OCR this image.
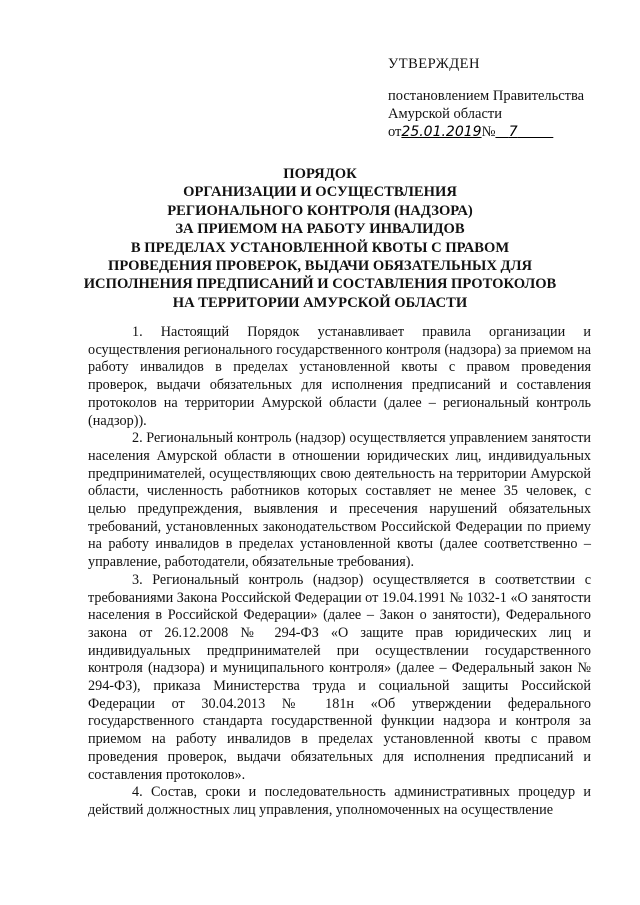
УТВЕРЖДЕН
постановлением Правительства
Амурской области
от25.01.2019№ 7
ПОРЯДОК
ОРГАНИЗАЦИИ И ОСУЩЕСТВЛЕНИЯ
РЕГИОНАЛЬНОГО КОНТРОЛЯ (НАДЗОРА)
ЗА ПРИЕМОМ НА РАБОТУ ИНВАЛИДОВ
В ПРЕДЕЛАХ УСТАНОВЛЕННОЙ КВОТЫ С ПРАВОМ
ПРОВЕДЕНИЯ ПРОВЕРОК, ВЫДАЧИ ОБЯЗАТЕЛЬНЫХ ДЛЯ
ИСПОЛНЕНИЯ ПРЕДПИСАНИЙ И СОСТАВЛЕНИЯ ПРОТОКОЛОВ
НА ТЕРРИТОРИИ АМУРСКОЙ ОБЛАСТИ

1. Настоящий Порядок устанавливает правила организации и осуществления регионального государственного контроля (надзора) за приемом на работу инвалидов в пределах установленной квоты с правом проведения проверок, выдачи обязательных для исполнения предписаний и составления протоколов на территории Амурской области (далее – региональный контроль (надзор)).

2. Региональный контроль (надзор) осуществляется управлением занятости населения Амурской области в отношении юридических лиц, индивидуальных предпринимателей, осуществляющих свою деятельность на территории Амурской области, численность работников которых составляет не менее 35 человек, с целью предупреждения, выявления и пресечения нарушений обязательных требований, установленных законодательством Российской Федерации по приему на работу инвалидов в пределах установленной квоты (далее соответственно – управление, работодатели, обязательные требования).

3. Региональный контроль (надзор) осуществляется в соответствии с требованиями Закона Российской Федерации от 19.04.1991 № 1032-1 «О занятости населения в Российской Федерации» (далее – Закон о занятости), Федерального закона от 26.12.2008 № 294-ФЗ «О защите прав юридических лиц и индивидуальных предпринимателей при осуществлении государственного контроля (надзора) и муниципального контроля» (далее – Федеральный закон № 294-ФЗ), приказа Министерства труда и социальной защиты Российской Федерации от 30.04.2013 № 181н «Об утверждении федерального государственного стандарта государственной функции надзора и контроля за приемом на работу инвалидов в пределах установленной квоты с правом проведения проверок, выдачи обязательных для исполнения предписаний и составления протоколов».

4. Состав, сроки и последовательность административных процедур и действий должностных лиц управления, уполномоченных на осуществление
